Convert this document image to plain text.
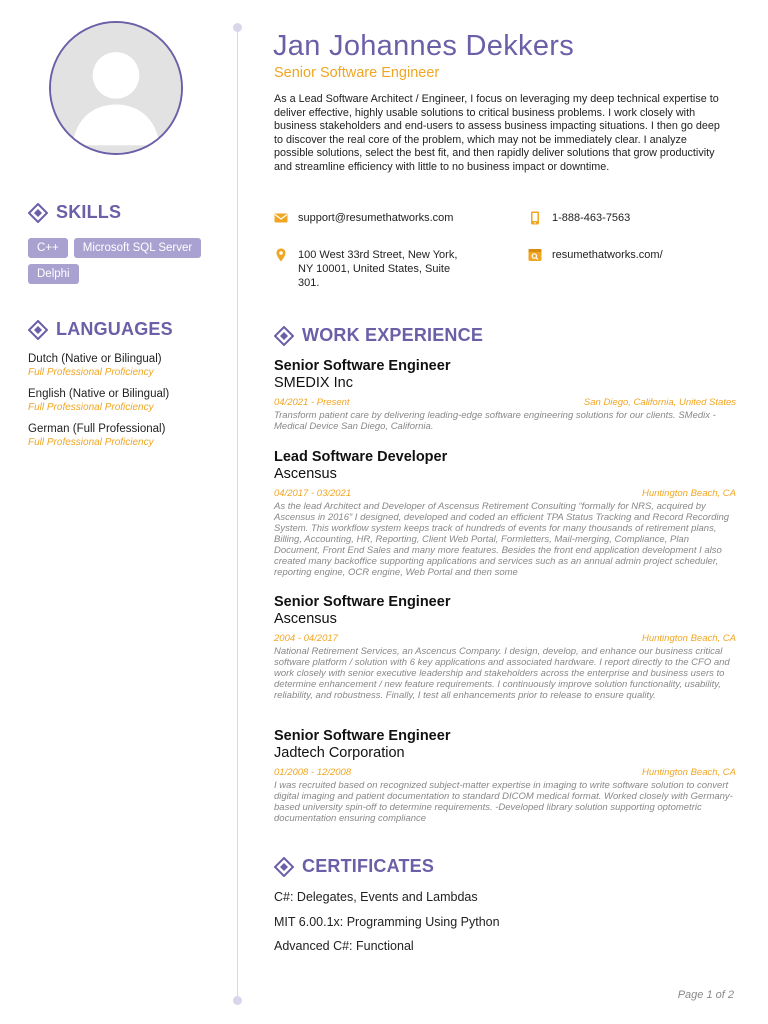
SKILLS
C++	Microsoft SQL Server
Delphi
LANGUAGES
Dutch (Native or Bilingual)
Full Professional Proficiency
English (Native or Bilingual)
Full Professional Proficiency
German (Full Professional)
Full Professional Proficiency
Jan Johannes Dekkers
Senior Software Engineer
As a Lead Software Architect / Engineer, I focus on leveraging my deep technical expertise to deliver effective, highly usable solutions to critical business problems. I work closely with business stakeholders and end-users to assess business impacting situations. I then go deep to discover the real core of the problem, which may not be immediately clear. I analyze possible solutions, select the best fit, and then rapidly deliver solutions that grow productivity and streamline efficiency with little to no business impact or downtime.
support@resumethatworks.com	1-888-463-7563
100 West 33rd Street, New York, NY 10001, United States, Suite 301.
resumethatworks.com/
WORK EXPERIENCE
Senior Software Engineer
SMEDIX Inc
04/2021 - Present	San Diego, California, United States
Transform patient care by delivering leading-edge software engineering solutions for our clients. SMedix - Medical Device San Diego, California.
Lead Software Developer
Ascensus
04/2017 - 03/2021	Huntington Beach, CA
As the lead Architect and Developer of Ascensus Retirement Consulting “formally for NRS, acquired by Ascensus in 2016” I designed, developed and coded an efficient TPA Status Tracking and Record Recording System. This workflow system keeps track of hundreds of events for many thousands of retirement plans, Billing, Accounting, HR, Reporting, Client Web Portal, Formletters, Mail-merging, Compliance, Plan Document, Front End Sales and many more features. Besides the front end application development I also created many backoffice supporting applications and services such as an annual admin project scheduler, reporting engine, OCR engine, Web Portal and then some
Senior Software Engineer
Ascensus
2004 - 04/2017	Huntington Beach, CA
National Retirement Services, an Ascencus Company. I design, develop, and enhance our business critical software platform / solution with 6 key applications and associated hardware. I report directly to the CFO and work closely with senior executive leadership and stakeholders across the enterprise and business users to determine enhancement / new feature requirements. I continuously improve solution functionality, usability, reliability, and robustness. Finally, I test all enhancements prior to release to ensure quality.
Senior Software Engineer
Jadtech Corporation
01/2008 - 12/2008	Huntington Beach, CA
I was recruited based on recognized subject-matter expertise in imaging to write software solution to convert digital imaging and patient documentation to standard DICOM medical format. Worked closely with Germany-based university spin-off to determine requirements. -Developed library solution supporting optometric documentation ensuring compliance
CERTIFICATES
C#: Delegates, Events and Lambdas
MIT 6.00.1x: Programming Using Python
Advanced C#: Functional
Page 1 of 2
